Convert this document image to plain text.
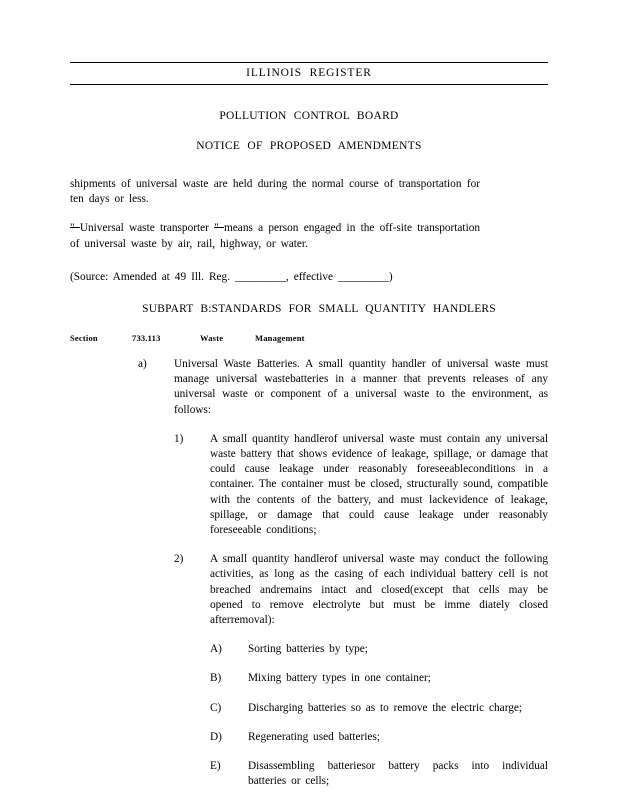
ILLINOIS REGISTER
POLLUTION CONTROL BOARD
NOTICE OF PROPOSED AMENDMENTS

shipments of universal waste are held during the normal course of transportation for ten days or less.

" Universal waste transporter " means a person engaged in the off-site transportation of universal waste by air, rail, highway, or water.

(Source: Amended at 49 Ill. Reg. _________, effective _________)

SUBPART B:STANDARDS FOR SMALL QUANTITY HANDLERS
Section	733.113	Waste	Management
a)	Universal Waste Batteries. A small quantity handler of universal waste must manage universal wastebatteries in a manner that prevents releases of any universal waste or component of a universal waste to the environment, as follows:
1)	A small quantity handlerof universal waste must contain any universal waste battery that shows evidence of leakage, spillage, or damage that could cause leakage under reasonably foreseeableconditions in a container. The container must be closed, structurally sound, compatible with the contents of the battery, and must lackevidence of leakage, spillage, or damage that could cause leakage under reasonably foreseeable conditions;
2)	A small quantity handlerof universal waste may conduct the following activities, as long as the casing of each individual battery cell is not breached andremains intact and closed(except that cells may be opened to remove electrolyte but must be imme diately closed afterremoval):
A)	Sorting batteries by type;
B)	Mixing battery types in one container;
C)	Discharging batteries so as to remove the electric charge;
D)	Regenerating used batteries;
E)	Disassembling batteriesor battery packs into individual batteries or cells;
